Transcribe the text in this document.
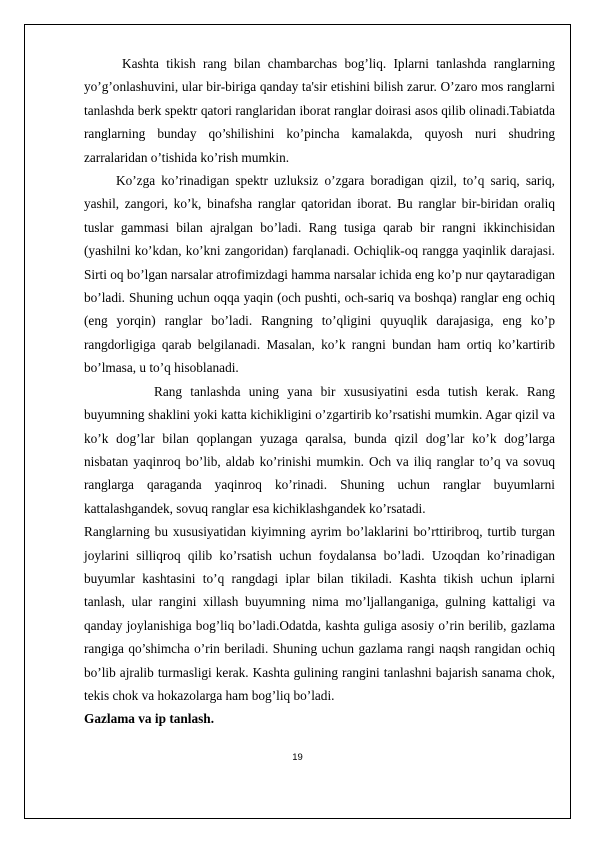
Kashta tikish rang bilan chambarchas bog’liq. Iplarni tanlashda ranglarning yo’g’onlashuvini, ular bir-biriga qanday ta'sir etishini bilish zarur. O’zaro mos ranglarni tanlashda berk spektr qatori ranglaridan iborat ranglar doirasi asos qilib olinadi.Tabiatda ranglarning bunday qo’shilishini ko’pincha kamalakda, quyosh nuri shudring zarralaridan o’tishida ko’rish mumkin.

Ko’zga ko’rinadigan spektr uzluksiz o’zgara boradigan qizil, to’q sariq, sariq, yashil, zangori, ko’k, binafsha ranglar qatoridan iborat. Bu ranglar bir-biridan oraliq tuslar gammasi bilan ajralgan bo’ladi. Rang tusiga qarab bir rangni ikkinchisidan (yashilni ko’kdan, ko’kni zangoridan) farqlanadi. Ochiqlik-oq rangga yaqinlik darajasi. Sirti oq bo’lgan narsalar atrofimizdagi hamma narsalar ichida eng ko’p nur qaytaradigan bo’ladi. Shuning uchun oqqa yaqin (och pushti, och-sariq va boshqa) ranglar eng ochiq (eng yorqin) ranglar bo’ladi. Rangning to’qligini quyuqlik darajasiga, eng ko’p rangdorligiga qarab belgilanadi. Masalan, ko’k rangni bundan ham ortiq ko’kartirib bo’lmasa, u to’q hisoblanadi.

Rang tanlashda uning yana bir xususiyatini esda tutish kerak. Rang buyumning shaklini yoki katta kichikligini o’zgartirib ko’rsatishi mumkin. Agar qizil va ko’k dog’lar bilan qoplangan yuzaga qaralsa, bunda qizil dog’lar ko’k dog’larga nisbatan yaqinroq bo’lib, aldab ko’rinishi mumkin. Och va iliq ranglar to’q va sovuq ranglarga qaraganda yaqinroq ko’rinadi. Shuning uchun ranglar buyumlarni kattalashgandek, sovuq ranglar esa kichiklashgandek ko’rsatadi.

Ranglarning bu xususiyatidan kiyimning ayrim bo’laklarini bo’rttiribroq, turtib turgan joylarini silliqroq qilib ko’rsatish uchun foydalansa bo’ladi. Uzoqdan ko’rinadigan buyumlar kashtasini to’q rangdagi iplar bilan tikiladi. Kashta tikish uchun iplarni tanlash, ular rangini xillash buyumning nima mo’ljallanganiga, gulning kattaligi va qanday joylanishiga bog’liq bo’ladi.Odatda, kashta guliga asosiy o’rin berilib, gazlama rangiga qo’shimcha o’rin beriladi. Shuning uchun gazlama rangi naqsh rangidan ochiq bo’lib ajralib turmasligi kerak. Kashta gulining rangini tanlashni bajarish sanama chok, tekis chok va hokazolarga ham bog’liq bo’ladi.

Gazlama va ip tanlash.

19
